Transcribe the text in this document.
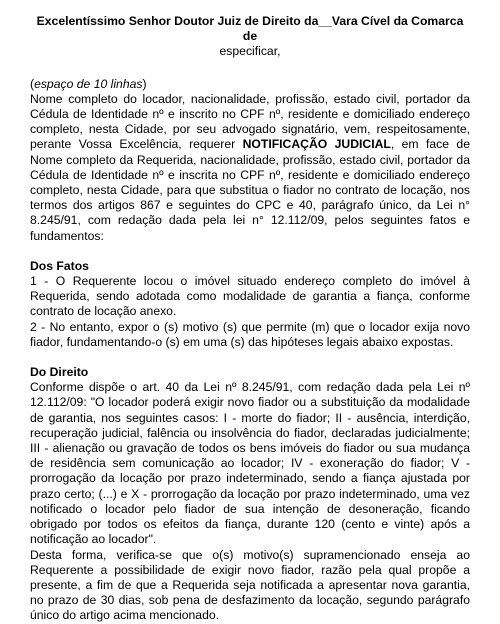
Excelentíssimo Senhor Doutor Juiz de Direito da__Vara Cível da Comarca de
especificar,
(espaço de 10 linhas)

Nome completo do locador, nacionalidade, profissão, estado civil, portador da Cédula de Identidade nº e inscrito no CPF nº, residente e domiciliado endereço completo, nesta Cidade, por seu advogado signatário, vem, respeitosamente, perante Vossa Excelência, requerer NOTIFICAÇÃO JUDICIAL, em face de Nome completo da Requerida, nacionalidade, profissão, estado civil, portador da Cédula de Identidade nº e inscrita no CPF nº, residente e domiciliado endereço completo, nesta Cidade, para que substitua o fiador no contrato de locação, nos termos dos artigos 867 e seguintes do CPC e 40, parágrafo único, da Lei n° 8.245/91, com redação dada pela lei n° 12.112/09, pelos seguintes fatos e fundamentos:

Dos Fatos

1 - O Requerente locou o imóvel situado endereço completo do imóvel à Requerida, sendo adotada como modalidade de garantia a fiança, conforme contrato de locação anexo.

2 - No entanto, expor o (s) motivo (s) que permite (m) que o locador exija novo fiador, fundamentando-o (s) em uma (s) das hipóteses legais abaixo expostas.

Do Direito

Conforme dispõe o art. 40 da Lei nº 8.245/91, com redação dada pela Lei nº 12.112/09: "O locador poderá exigir novo fiador ou a substituição da modalidade de garantia, nos seguintes casos: I - morte do fiador; II - ausência, interdição, recuperação judicial, falência ou insolvência do fiador, declaradas judicialmente; III - alienação ou gravação de todos os bens imóveis do fiador ou sua mudança de residência sem comunicação ao locador; IV - exoneração do fiador; V - prorrogação da locação por prazo indeterminado, sendo a fiança ajustada por prazo certo; (...) e X - prorrogação da locação por prazo indeterminado, uma vez notificado o locador pelo fiador de sua intenção de desoneração, ficando obrigado por todos os efeitos da fiança, durante 120 (cento e vinte) após a notificação ao locador".

Desta forma, verifica-se que o(s) motivo(s) supramencionado enseja ao Requerente a possibilidade de exigir novo fiador, razão pela qual propõe a presente, a fim de que a Requerida seja notificada a apresentar nova garantia, no prazo de 30 dias, sob pena de desfazimento da locação, segundo parágrafo único do artigo acima mencionado.
